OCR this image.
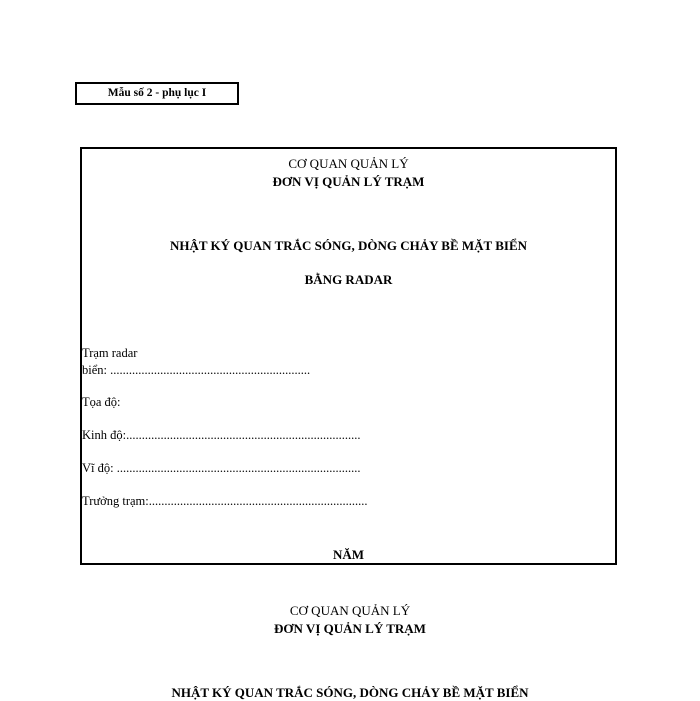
Mẫu số 2 - phụ lục I
CƠ QUAN QUẢN LÝ
ĐƠN VỊ QUẢN LÝ TRẠM
NHẬT KÝ QUAN TRẮC SÓNG, DÒNG CHẢY BỀ MẶT BIỂN
BẰNG RADAR
Trạm radar
biển: ................................................................
Tọa độ:
Kinh độ:...........................................................................
Vĩ độ: ..............................................................................
Trưởng trạm:......................................................................
NĂM
CƠ QUAN QUẢN LÝ
ĐƠN VỊ QUẢN LÝ TRẠM
NHẬT KÝ QUAN TRẮC SÓNG, DÒNG CHẢY BỀ MẶT BIỂN
